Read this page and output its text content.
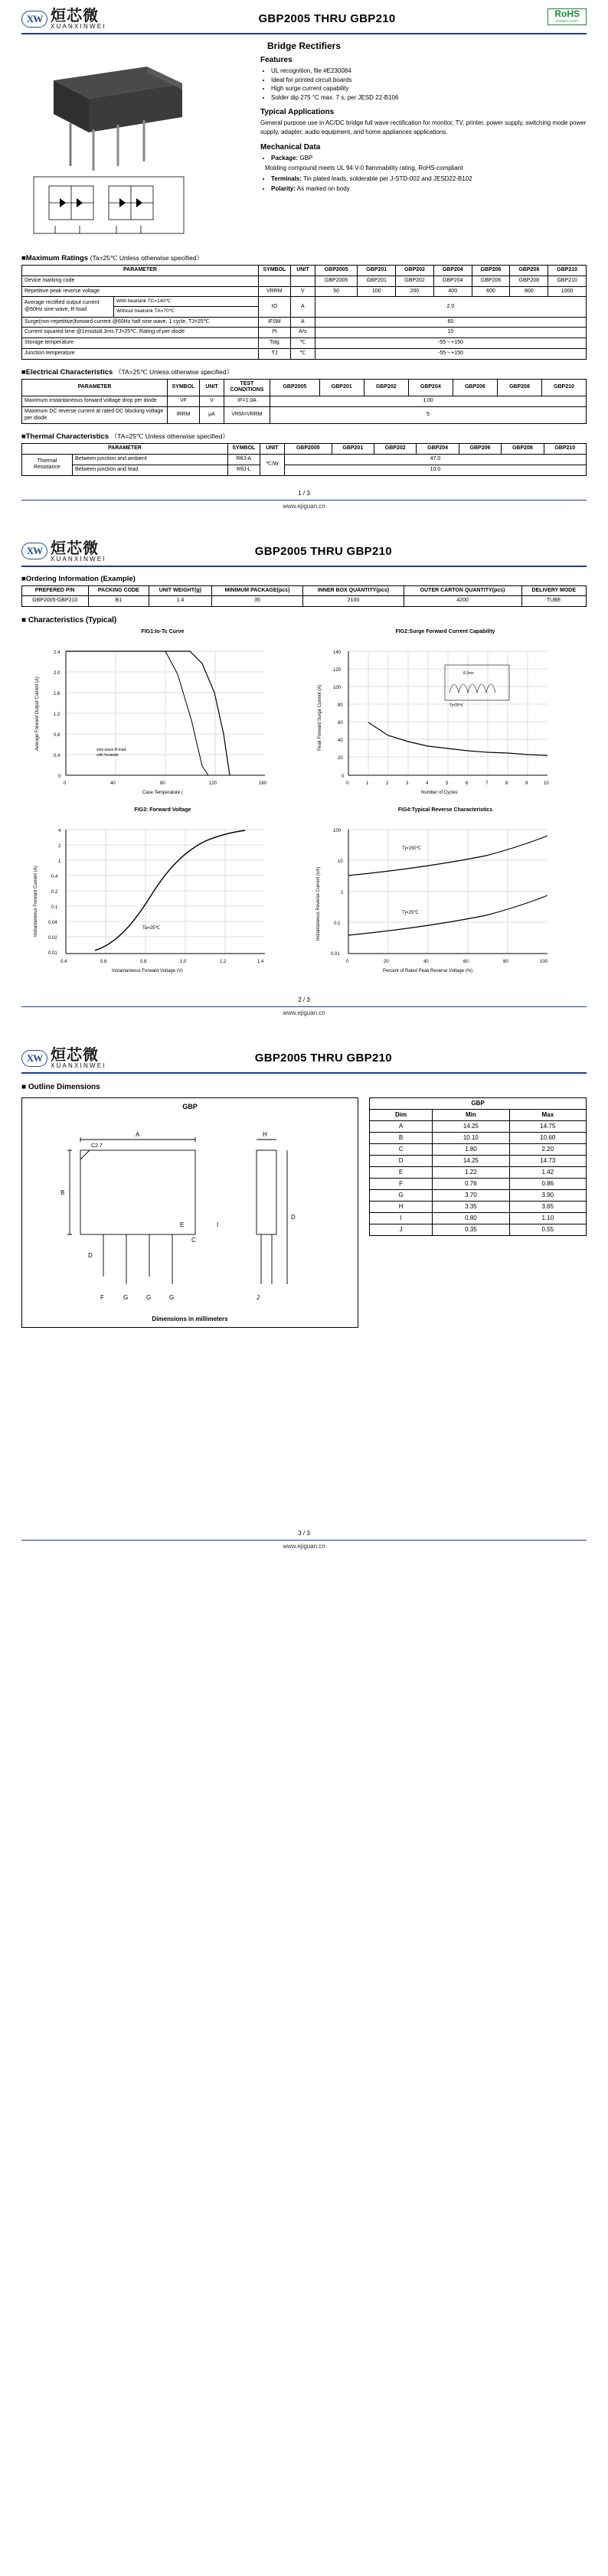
XW 烜芯微
XUANXINWEI
GBP2005 THRU GBP210	RoHS
COMPLIANT
Bridge Rectifiers
Features
• UL recognition, file #E230084
• Ideal for printed circuit boards
• High surge current capability
• Solder dip 275 °C max. 7 s, per JESD 22-B106
Typical Applications

General purpose use in AC/DC bridge full wave rectification for monitor, TV, printer, power supply, switching mode power supply, adapter, audio equipment, and home appliances applications.

Mechanical Data
• Package: GBP
Molding compound meets UL 94 V-0 flammability rating, RoHS-compliant
• Terminals: Tin plated leads, solderable per J-STD-002 and JESD22-B102
• Polarity: As marked on body
■Maximum Ratings (Ta=25℃ Unless otherwise specified）
PARAMETER		SYMBOL	UNIT	GBP2005	GBP201	GBP202	GBP204	GBP206	GBP208	GBP210
Device marking code				GBP2005	GBP201	GBP202	GBP204	GBP206	GBP208	GBP210
Repetitive peak reverse voltage		VRRM	V	50	100	200	400	600	800	1000
Average rectified output current @60Hz sine wave, R-load	With heatsink TC=140℃	IO	A	2.0						
	Without heatsink TA=70℃									
Surge(non-repetitive)forward current @60Hz half sine wave, 1 cycle, TJ=25℃		IFSM	A	60						
Current squared time @1ms≤t≤8.3ms TJ=25℃, Rating of per diode		I²t	A²s	15						
Storage temperature		Tstg	℃	-55～+150						
Junction temperature		TJ	℃	-55～+150						
■Electrical Characteristics （TA=25℃ Unless otherwise specified）
PARAMETER	SYMBOL	UNIT	TEST CONDITIONS	GBP2005	GBP201	GBP202	GBP204	GBP206	GBP208	GBP210
Maximum instantaneous forward voltage drop per diode	VF	V	IF=1.0A	1.00						
Maximum DC reverse current at rated DC blocking voltage per diode	IRRM	μA	VRM=VRRM	5						
■Thermal Characteristics （TA=25℃ Unless otherwise specified）
PARAMETER		SYMBOL	UNIT	GBP2005	GBP201	GBP202	GBP204	GBP206	GBP208	GBP210
Thermal Resistance	Between junction and ambient	RθJ-A	℃/W	47.0						
	Between junction and lead	RθJ-L		10.0						
1 / 3
www.ejiguan.cn
XW 烜芯微
XUANXINWEI
GBP2005 THRU GBP210
■Ordering Information (Example)
PREFERED P/N	PACKING CODE	UNIT WEIGHT(g)	MINIMUM PACKAGE(pcs)	INNER BOX QUANTITY(pcs)	OUTER CARTON QUANTITY(pcs)	DELIVERY MODE
GBP2005-GBP210	B1	1.4	35	2100	4200	TUBE
■ Characteristics (Typical)
FIG1:Io-Tc Curve
2.4
2.0
1.6
1.2
0.8
0.4
0
0	40	80	120	160
Case Temperature (
Average Forward Output Current (A)	sine wave R-load
with heatsink
FIG2:Surge Forward Current Capability
8.3ms
Tj=25℃
140
120
100
80
60
40
20
0
0	1	2	3	4	5	6	7	8	9	10
Number of Cycles
Peak Forward Surge Current (A)
FIG3: Forward Voltage
4
2
1
0.4
0.2
0.1
0.04
0.02
0.01
0.4	0.6	0.8	1.0	1.2	1.4
Instantaneous Forward Voltage (V)
Instantaneous Forward Current (A)	Ta=25℃
FIG4:Typical Reverse Characteristics
100
10
1
0.1
0.01
0	20	40	60	80	100
Percent of Rated Peak Reverse Voltage (%)
Instantaneous Reverse Current (uA)
Tj=150℃
Tj=25℃
2 / 3
www.ejiguan.cn
XW 烜芯微
XUANXINWEI
GBP2005 THRU GBP210
■ Outline Dimensions
GBP
A
B
H
D
F	G	G	G
D
E
C
J
C2.7
I
Dimensions in millimeters
GBP		
Dim	Min	Max
A	14.25	14.75
B	10.10	10.60
C	1.80	2.20
D	14.25	14.73
E	1.22	1.42
F	0.76	0.86
G	3.70	3.90
H	3.35	3.65
I	0.80	1.10
J	0.35	0.55
3 / 3
www.ejiguan.cn
